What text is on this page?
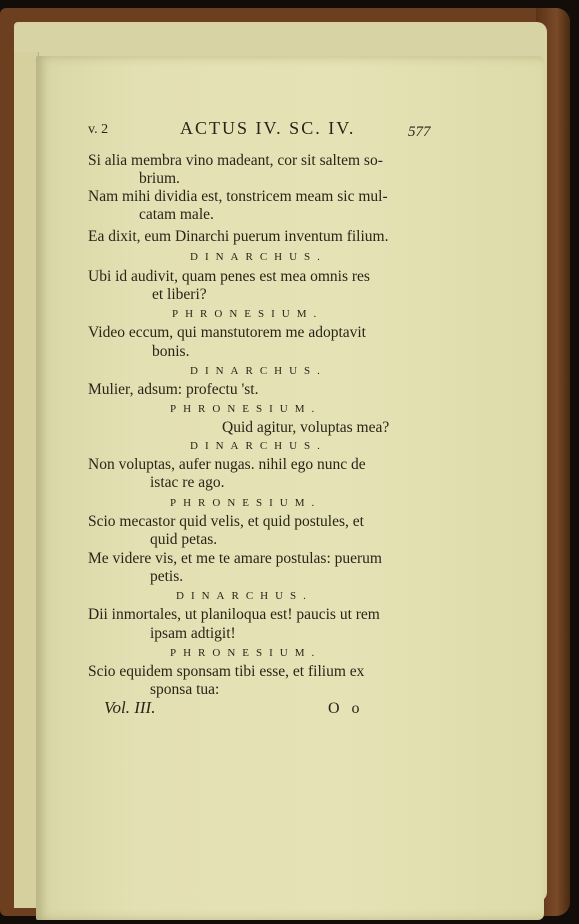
v. 2	ACTUS IV. SC. IV.	577
Si alia membra vino madeant, cor sit saltem so-
brium.
Nam mihi dividia est, tonstricem meam sic mul-
catam male.
Ea dixit, eum Dinarchi puerum inventum filium.
DINARCHUS.
Ubi id audivit, quam penes est mea omnis res
et liberi?
PHRONESIUM.
Video eccum, qui manstutorem me adoptavit
bonis.
DINARCHUS.
Mulier, adsum: profectu 'st.
PHRONESIUM.
Quid agitur, voluptas mea?
DINARCHUS.
Non voluptas, aufer nugas. nihil ego nunc de
istac re ago.
PHRONESIUM.
Scio mecastor quid velis, et quid postules, et
quid petas.
Me videre vis, et me te amare postulas: puerum
petis.
DINARCHUS.
Dii inmortales, ut planiloqua est! paucis ut rem
ipsam adtigit!
PHRONESIUM.
Scio equidem sponsam tibi esse, et filium ex
sponsa tua:
Vol. III.	O o
